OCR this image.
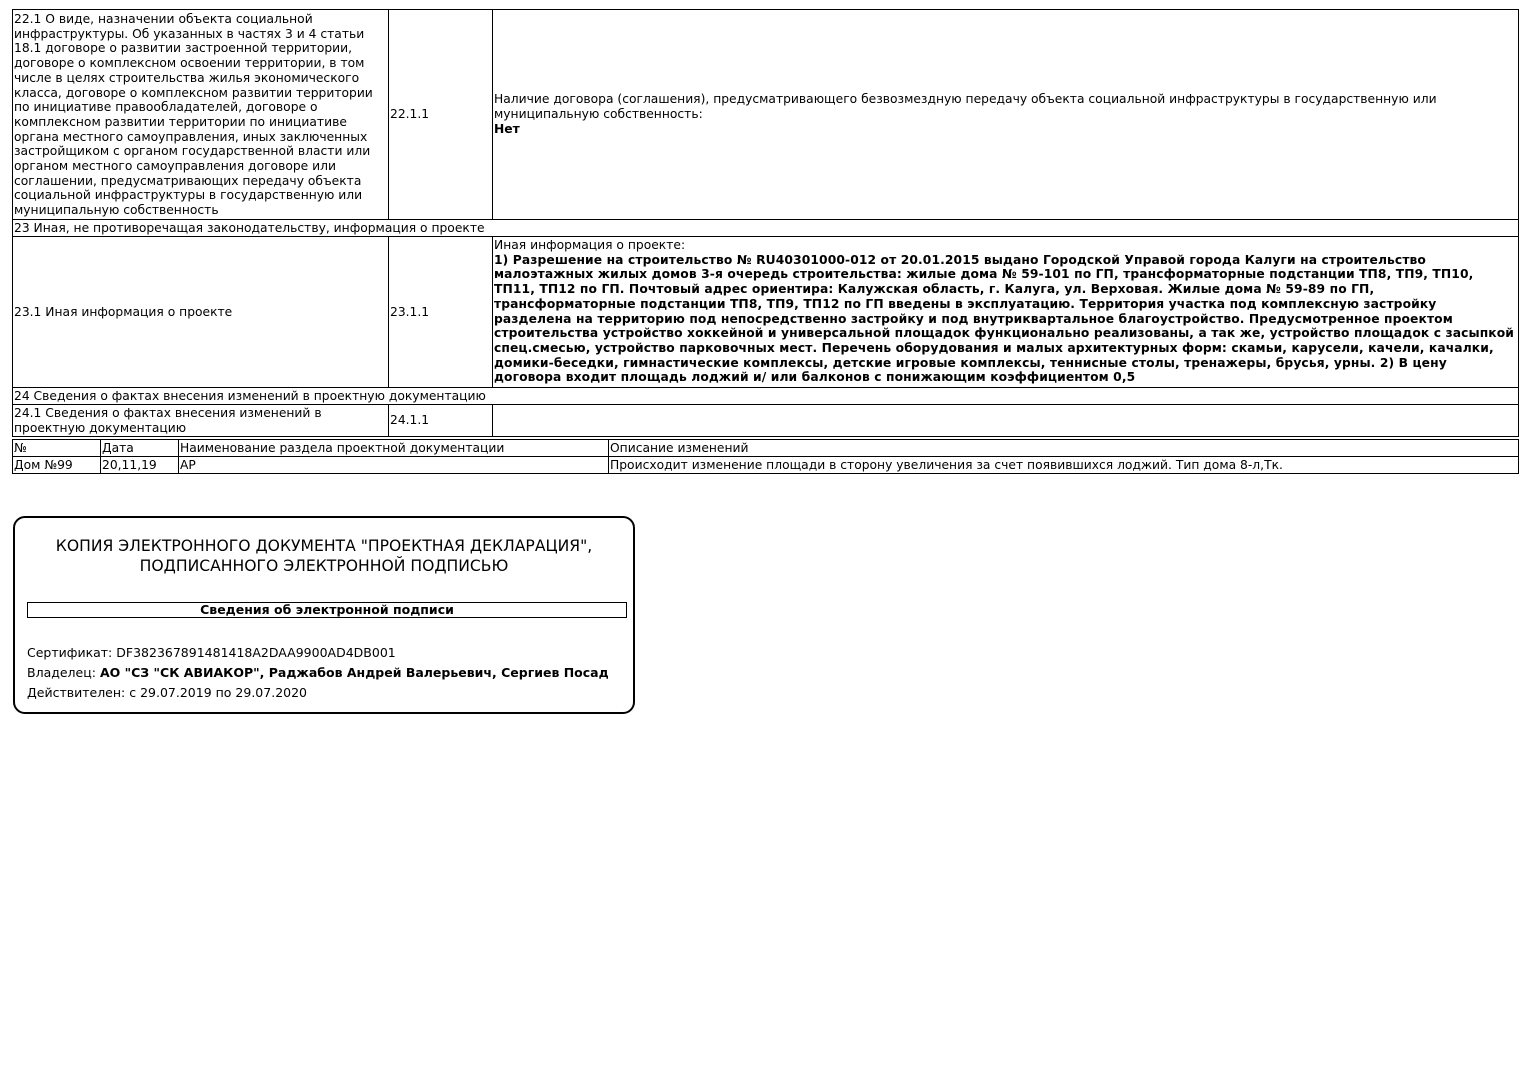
22.1 О виде, назначении объекта социальной инфраструктуры. Об указанных в частях 3 и 4 статьи 18.1 договоре о развитии застроенной территории, договоре о комплексном освоении территории, в том числе в целях строительства жилья экономического класса, договоре о комплексном развитии территории по инициативе правообладателей, договоре о комплексном развитии территории по инициативе органа местного самоуправления, иных заключенных застройщиком с органом государственной власти или органом местного самоуправления договоре или соглашении, предусматривающих передачу объекта социальной инфраструктуры в государственную или муниципальную собственность	22.1.1	Наличие договора (соглашения), предусматривающего безвозмездную передачу объекта социальной инфраструктуры в государственную или муниципальную собственность:
Нет

23 Иная, не противоречащая законодательству, информация о проекте		
23.1 Иная информация о проекте	23.1.1	Иная информация о проекте:
1) Разрешение на строительство № RU40301000-012 от 20.01.2015 выдано Городской Управой города Калуги на строительство малоэтажных жилых домов 3-я очередь строительства: жилые дома № 59-101 по ГП, трансформаторные подстанции ТП8, ТП9, ТП10, ТП11, ТП12 по ГП. Почтовый адрес ориентира: Калужская область, г. Калуга, ул. Верховая. Жилые дома № 59-89 по ГП, трансформаторные подстанции ТП8, ТП9, ТП12 по ГП введены в эксплуатацию. Территория участка под комплексную застройку разделена на территорию под непосредственно застройку и под внутриквартальное благоустройство. Предусмотренное проектом строительства устройство хоккейной и универсальной площадок функционально реализованы, а так же, устройство площадок с засыпкой спец.смесью, устройство парковочных мест. Перечень оборудования и малых архитектурных форм: скамьи, карусели, качели, качалки, домики-беседки, гимнастические комплексы, детские игровые комплексы, теннисные столы, тренажеры, брусья, урны. 2) В цену договора входит площадь лоджий и/ или балконов с понижающим коэффициентом 0,5

24 Сведения о фактах внесения изменений в проектную документацию		
24.1 Сведения о фактах внесения изменений в проектную документацию	24.1.1	
№	Дата	Наименование раздела проектной документации	Описание изменений
Дом №99	20,11,19	АР	Происходит изменение площади в сторону увеличения за счет появившихся лоджий. Тип дома 8-л,Тк.
КОПИЯ ЭЛЕКТРОННОГО ДОКУМЕНТА "ПРОЕКТНАЯ ДЕКЛАРАЦИЯ",
ПОДПИСАННОГО ЭЛЕКТРОННОЙ ПОДПИСЬЮ
Сведения об электронной подписи
Сертификат: DF382367891481418A2DAA9900AD4DB001
Владелец: АО "СЗ "СК АВИАКОР", Раджабов Андрей Валерьевич, Сергиев Посад
Действителен: с 29.07.2019 по 29.07.2020
